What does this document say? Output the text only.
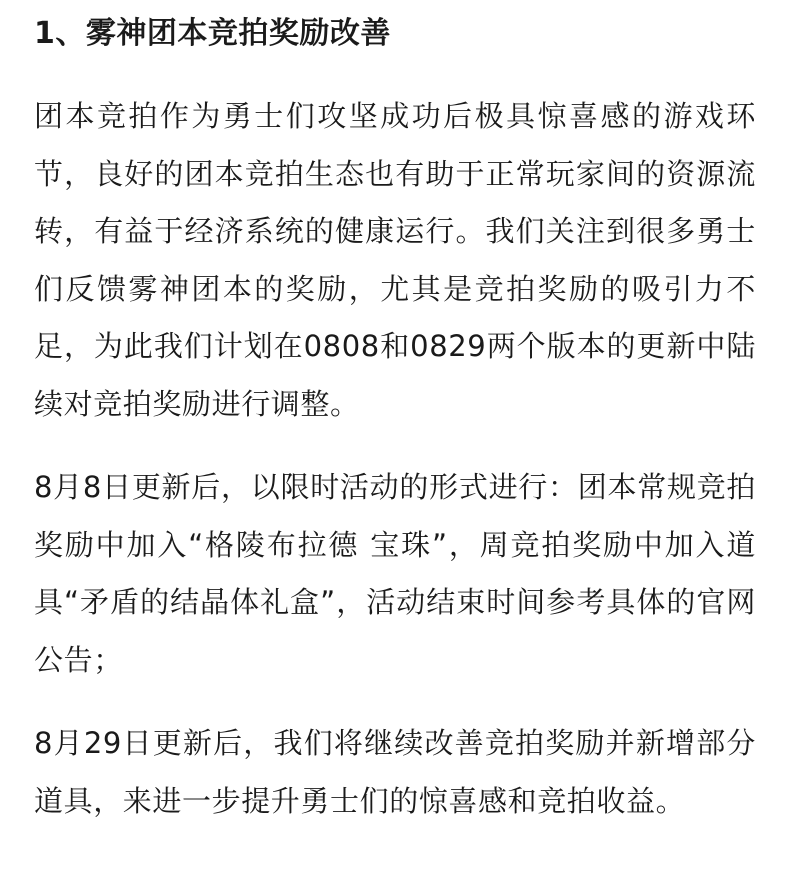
1、雾神团本竞拍奖励改善

团本竞拍作为勇士们攻坚成功后极具惊喜感的游戏环节，良好的团本竞拍生态也有助于正常玩家间的资源流转，有益于经济系统的健康运行。我们关注到很多勇士们反馈雾神团本的奖励，尤其是竞拍奖励的吸引力不足，为此我们计划在0808和0829两个版本的更新中陆续对竞拍奖励进行调整。

8月8日更新后，以限时活动的形式进行：团本常规竞拍奖励中加入“格陵布拉德 宝珠”，周竞拍奖励中加入道具“矛盾的结晶体礼盒”，活动结束时间参考具体的官网公告；

8月29日更新后，我们将继续改善竞拍奖励并新增部分道具，来进一步提升勇士们的惊喜感和竞拍收益。
